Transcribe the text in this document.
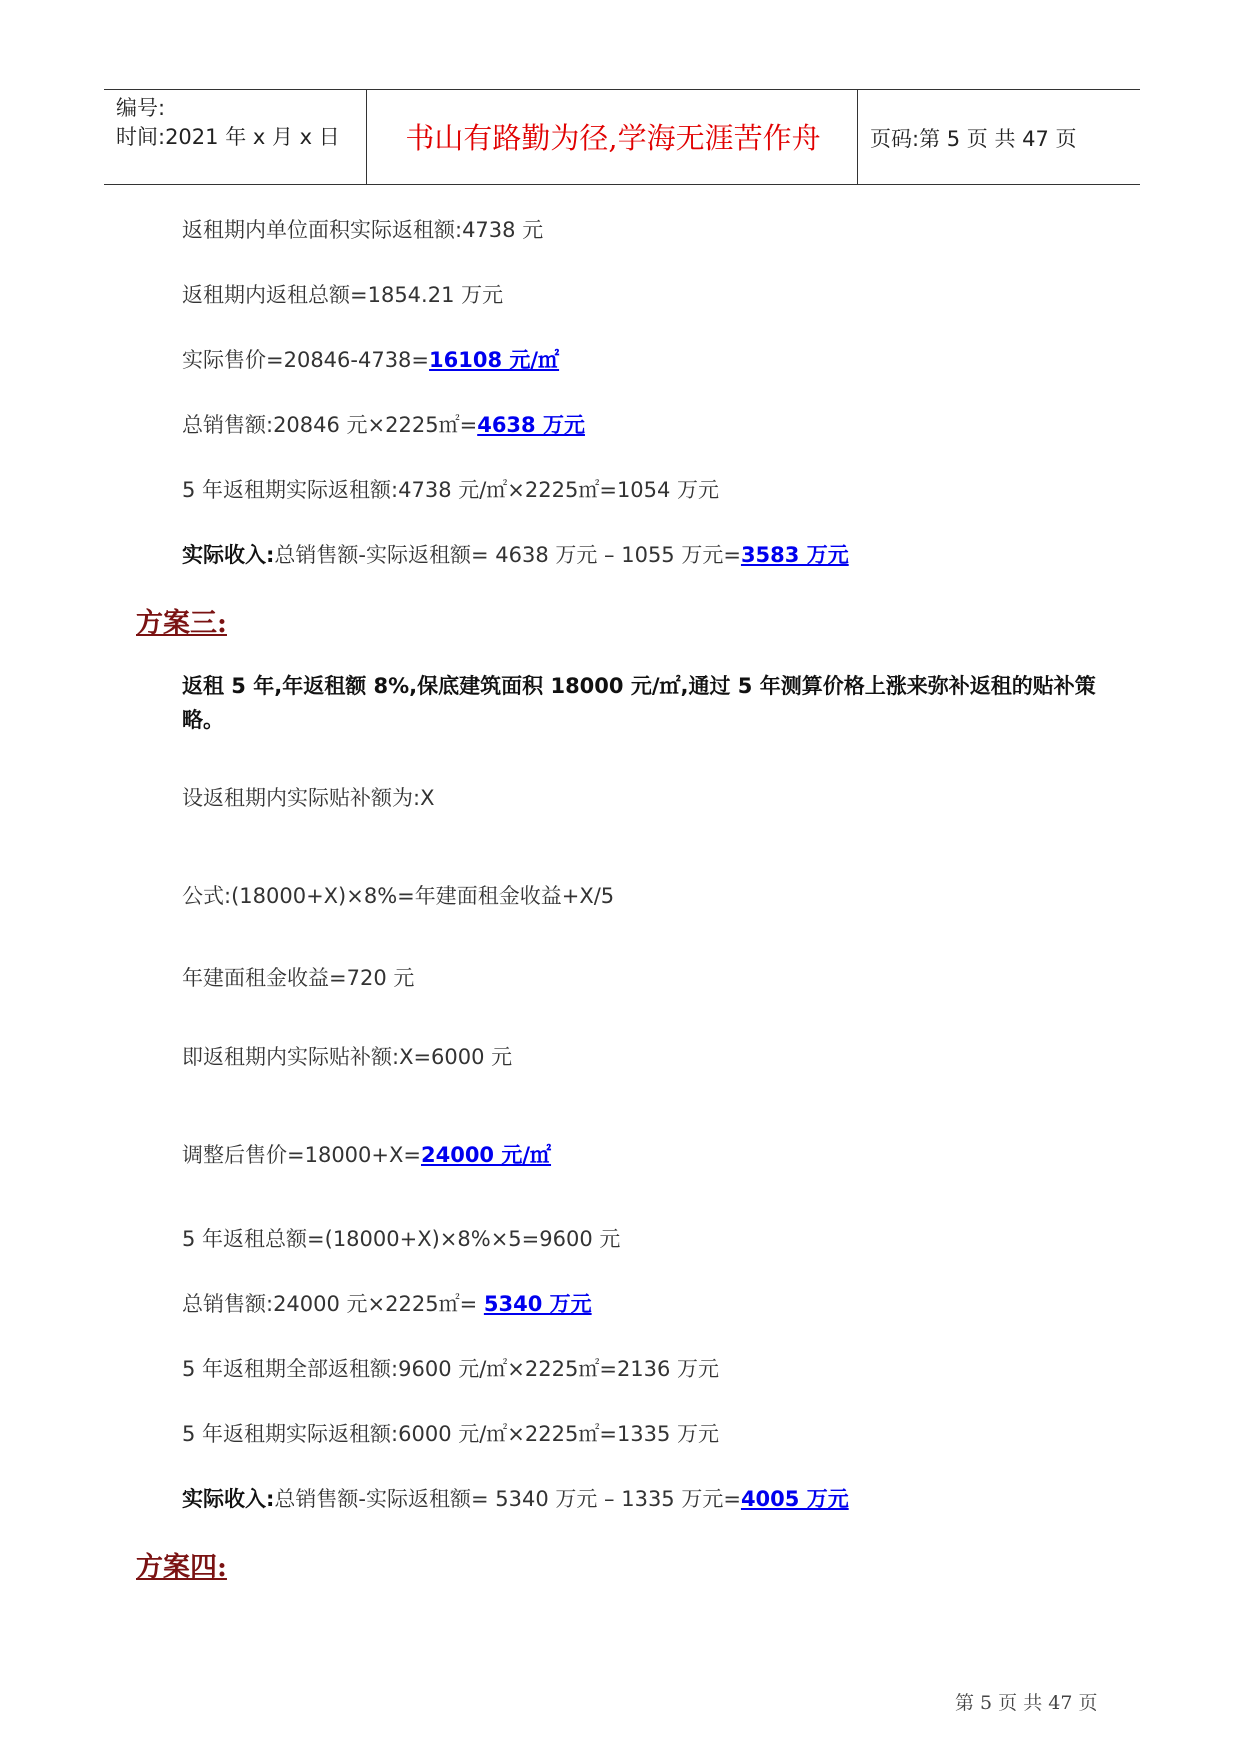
编号:
时间:2021 年 x 月 x 日	书山有路勤为径,学海无涯苦作舟	页码:第 5 页 共 47 页
返租期内单位面积实际返租额:4738 元
返租期内返租总额=1854.21 万元
实际售价=20846-4738=16108 元/㎡
总销售额:20846 元×2225㎡=4638 万元
5 年返租期实际返租额:4738 元/㎡×2225㎡=1054 万元
实际收入:总销售额-实际返租额= 4638 万元 – 1055 万元=3583 万元
方案三:
返租 5 年,年返租额 8%,保底建筑面积 18000 元/㎡,通过 5 年测算价格上涨来弥补返租的贴补策略。
设返租期内实际贴补额为:X
公式:(18000+X)×8%=年建面租金收益+X/5
年建面租金收益=720 元
即返租期内实际贴补额:X=6000 元
调整后售价=18000+X=24000 元/㎡
5 年返租总额=(18000+X)×8%×5=9600 元
总销售额:24000 元×2225㎡= 5340 万元
5 年返租期全部返租额:9600 元/㎡×2225㎡=2136 万元
5 年返租期实际返租额:6000 元/㎡×2225㎡=1335 万元
实际收入:总销售额-实际返租额= 5340 万元 – 1335 万元=4005 万元
方案四:
第 5 页 共 47 页
